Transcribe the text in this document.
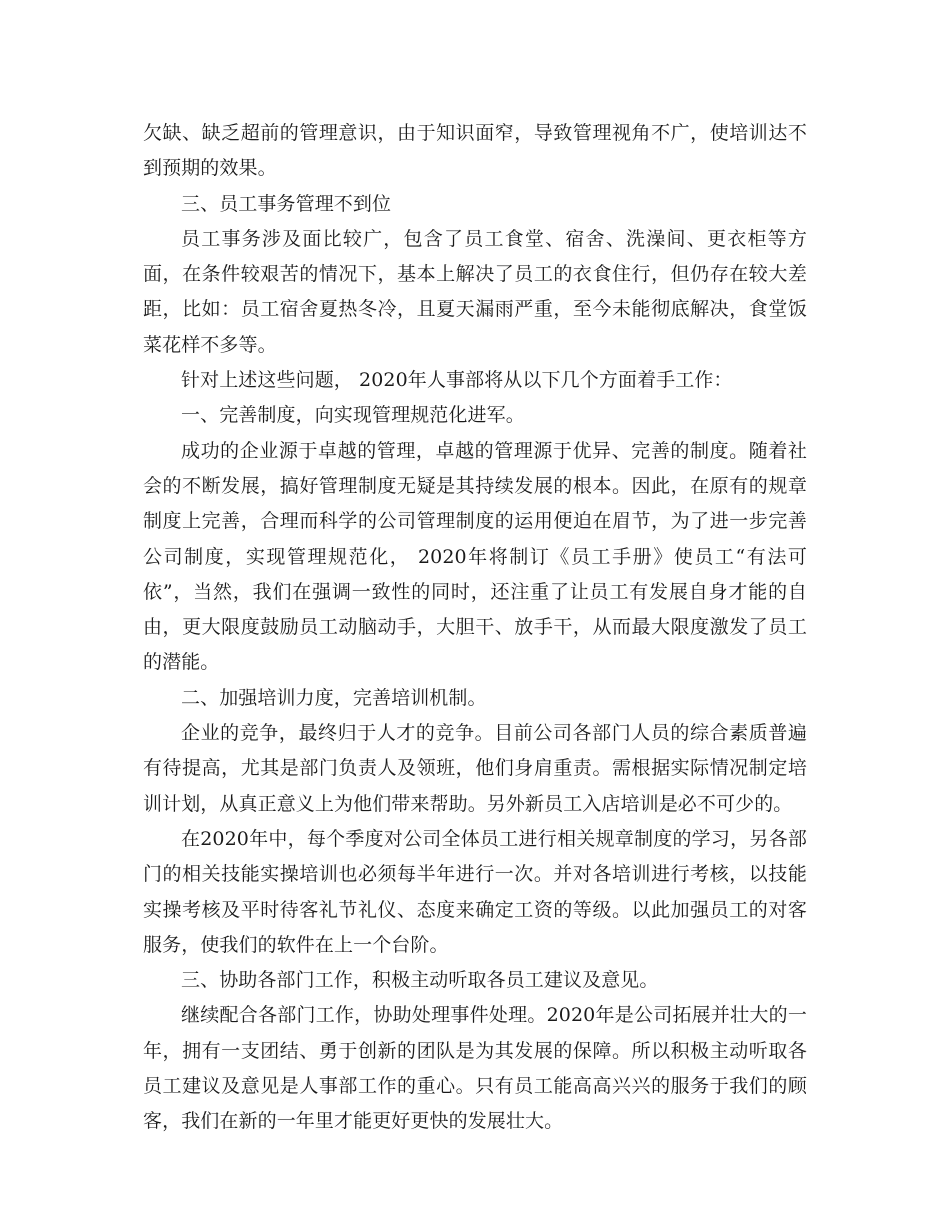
欠缺、缺乏超前的管理意识，由于知识面窄，导致管理视角不广，使培训达不到预期的效果。

三、员工事务管理不到位

员工事务涉及面比较广，包含了员工食堂、宿舍、洗澡间、更衣柜等方面，在条件较艰苦的情况下，基本上解决了员工的衣食住行，但仍存在较大差距，比如：员工宿舍夏热冬冷，且夏天漏雨严重，至今未能彻底解决，食堂饭菜花样不多等。

针对上述这些问题， 2020年人事部将从以下几个方面着手工作：

一、完善制度，向实现管理规范化进军。

成功的企业源于卓越的管理，卓越的管理源于优异、完善的制度。随着社会的不断发展，搞好管理制度无疑是其持续发展的根本。因此，在原有的规章制度上完善，合理而科学的公司管理制度的运用便迫在眉节，为了进一步完善公司制度，实现管理规范化， 2020年将制订《员工手册》使员工“有法可依”，当然，我们在强调一致性的同时，还注重了让员工有发展自身才能的自由，更大限度鼓励员工动脑动手，大胆干、放手干，从而最大限度激发了员工的潜能。

二、加强培训力度，完善培训机制。

企业的竞争，最终归于人才的竞争。目前公司各部门人员的综合素质普遍有待提高，尤其是部门负责人及领班，他们身肩重责。需根据实际情况制定培训计划，从真正意义上为他们带来帮助。另外新员工入店培训是必不可少的。

在2020年中，每个季度对公司全体员工进行相关规章制度的学习，另各部门的相关技能实操培训也必须每半年进行一次。并对各培训进行考核，以技能实操考核及平时待客礼节礼仪、态度来确定工资的等级。以此加强员工的对客服务，使我们的软件在上一个台阶。

三、协助各部门工作，积极主动听取各员工建议及意见。

继续配合各部门工作，协助处理事件处理。2020年是公司拓展并壮大的一年，拥有一支团结、勇于创新的团队是为其发展的保障。所以积极主动听取各员工建议及意见是人事部工作的重心。只有员工能高高兴兴的服务于我们的顾客，我们在新的一年里才能更好更快的发展壮大。
